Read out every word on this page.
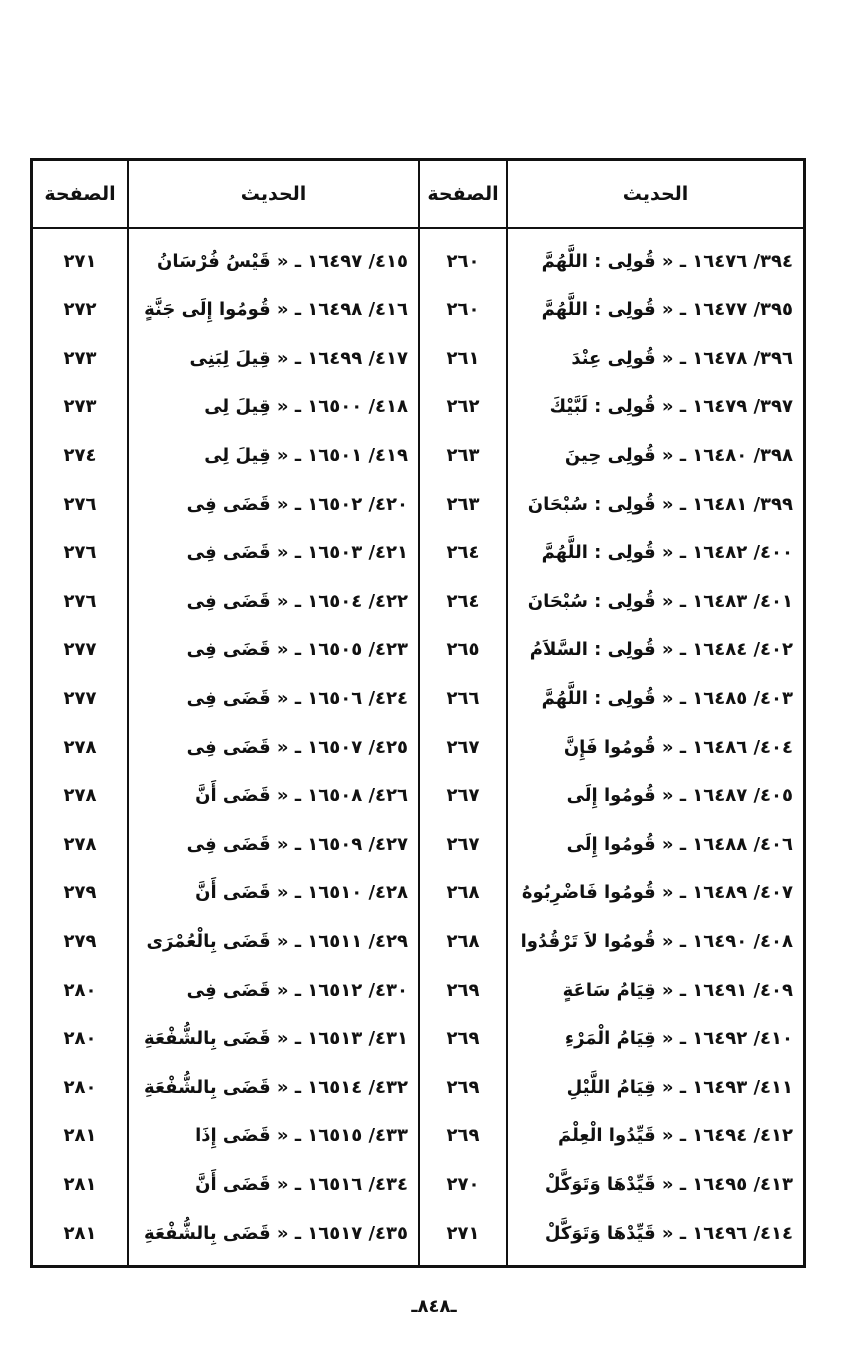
الحديث
الصفحة
الحديث
الصفحة
٣٩٤/ ١٦٤٧٦ ـ « قُولِى : اللَّهُمَّ
٢٦٠
٤١٥/ ١٦٤٩٧ ـ « قَيْسُ فُرْسَانُ
٢٧١
٣٩٥/ ١٦٤٧٧ ـ « قُولِى : اللَّهُمَّ
٢٦٠
٤١٦/ ١٦٤٩٨ ـ « قُومُوا إِلَى جَنَّةٍ
٢٧٢
٣٩٦/ ١٦٤٧٨ ـ « قُولِى عِنْدَ
٢٦١
٤١٧/ ١٦٤٩٩ ـ « قِيلَ لِبَنِى
٢٧٣
٣٩٧/ ١٦٤٧٩ ـ « قُولِى : لَبَّيْكَ
٢٦٢
٤١٨/ ١٦٥٠٠ ـ « قِيلَ لِى
٢٧٣
٣٩٨/ ١٦٤٨٠ ـ « قُولِى حِينَ
٢٦٣
٤١٩/ ١٦٥٠١ ـ « قِيلَ لِى
٢٧٤
٣٩٩/ ١٦٤٨١ ـ « قُولِى : سُبْحَانَ
٢٦٣
٤٢٠/ ١٦٥٠٢ ـ « قَضَى فِى
٢٧٦
٤٠٠/ ١٦٤٨٢ ـ « قُولِى : اللَّهُمَّ
٢٦٤
٤٢١/ ١٦٥٠٣ ـ « قَضَى فِى
٢٧٦
٤٠١/ ١٦٤٨٣ ـ « قُولِى : سُبْحَانَ
٢٦٤
٤٢٢/ ١٦٥٠٤ ـ « قَضَى فِى
٢٧٦
٤٠٢/ ١٦٤٨٤ ـ « قُولِى : السَّلاَمُ
٢٦٥
٤٢٣/ ١٦٥٠٥ ـ « قَضَى فِى
٢٧٧
٤٠٣/ ١٦٤٨٥ ـ « قُولِى : اللَّهُمَّ
٢٦٦
٤٢٤/ ١٦٥٠٦ ـ « قَضَى فِى
٢٧٧
٤٠٤/ ١٦٤٨٦ ـ « قُومُوا فَإِنَّ
٢٦٧
٤٢٥/ ١٦٥٠٧ ـ « قَضَى فِى
٢٧٨
٤٠٥/ ١٦٤٨٧ ـ « قُومُوا إِلَى
٢٦٧
٤٢٦/ ١٦٥٠٨ ـ « قَضَى أَنَّ
٢٧٨
٤٠٦/ ١٦٤٨٨ ـ « قُومُوا إِلَى
٢٦٧
٤٢٧/ ١٦٥٠٩ ـ « قَضَى فِى
٢٧٨
٤٠٧/ ١٦٤٨٩ ـ « قُومُوا فَاضْرِبُوهُ
٢٦٨
٤٢٨/ ١٦٥١٠ ـ « قَضَى أَنَّ
٢٧٩
٤٠٨/ ١٦٤٩٠ ـ « قُومُوا لاَ تَرْقُدُوا
٢٦٨
٤٢٩/ ١٦٥١١ ـ « قَضَى بِالْعُمْرَى
٢٧٩
٤٠٩/ ١٦٤٩١ ـ « قِيَامُ سَاعَةٍ
٢٦٩
٤٣٠/ ١٦٥١٢ ـ « قَضَى فِى
٢٨٠
٤١٠/ ١٦٤٩٢ ـ « قِيَامُ الْمَرْءِ
٢٦٩
٤٣١/ ١٦٥١٣ ـ « قَضَى بِالشُّفْعَةِ
٢٨٠
٤١١/ ١٦٤٩٣ ـ « قِيَامُ اللَّيْلِ
٢٦٩
٤٣٢/ ١٦٥١٤ ـ « قَضَى بِالشُّفْعَةِ
٢٨٠
٤١٢/ ١٦٤٩٤ ـ « قَيِّدُوا الْعِلْمَ
٢٦٩
٤٣٣/ ١٦٥١٥ ـ « قَضَى إِذَا
٢٨١
٤١٣/ ١٦٤٩٥ ـ « قَيِّدْهَا وَتَوَكَّلْ
٢٧٠
٤٣٤/ ١٦٥١٦ ـ « قَضَى أَنَّ
٢٨١
٤١٤/ ١٦٤٩٦ ـ « قَيِّدْهَا وَتَوَكَّلْ
٢٧١
٤٣٥/ ١٦٥١٧ ـ « قَضَى بِالشُّفْعَةِ
٢٨١
ـ٨٤٨ـ
